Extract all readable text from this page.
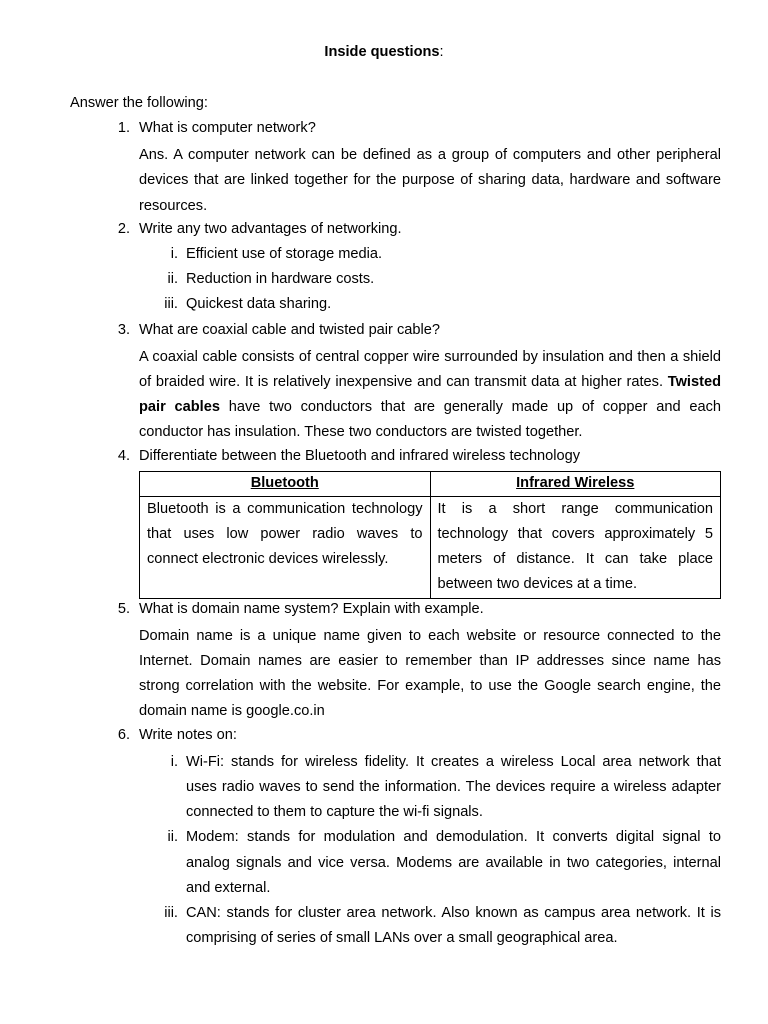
Inside questions:
Answer the following:
1. What is computer network?
Ans. A computer network can be defined as a group of computers and other peripheral devices that are linked together for the purpose of sharing data, hardware and software resources.
2. Write any two advantages of networking.
i. Efficient use of storage media.
ii. Reduction in hardware costs.
iii. Quickest data sharing.
3. What are coaxial cable and twisted pair cable?
A coaxial cable consists of central copper wire surrounded by insulation and then a shield of braided wire. It is relatively inexpensive and can transmit data at higher rates. Twisted pair cables have two conductors that are generally made up of copper and each conductor has insulation. These two conductors are twisted together.
4. Differentiate between the Bluetooth and infrared wireless technology
Bluetooth	Infrared Wireless
Bluetooth is a communication technology that uses low power radio waves to connect electronic devices wirelessly.	It is a short range communication technology that covers approximately 5 meters of distance. It can take place between two devices at a time.
5. What is domain name system? Explain with example.
Domain name is a unique name given to each website or resource connected to the Internet. Domain names are easier to remember than IP addresses since name has strong correlation with the website. For example, to use the Google search engine, the domain name is google.co.in
6. Write notes on:
i. Wi-Fi: stands for wireless fidelity. It creates a wireless Local area network that uses radio waves to send the information. The devices require a wireless adapter connected to them to capture the wi-fi signals.
ii. Modem: stands for modulation and demodulation. It converts digital signal to analog signals and vice versa. Modems are available in two categories, internal and external.
iii. CAN: stands for cluster area network. Also known as campus area network. It is comprising of series of small LANs over a small geographical area.
